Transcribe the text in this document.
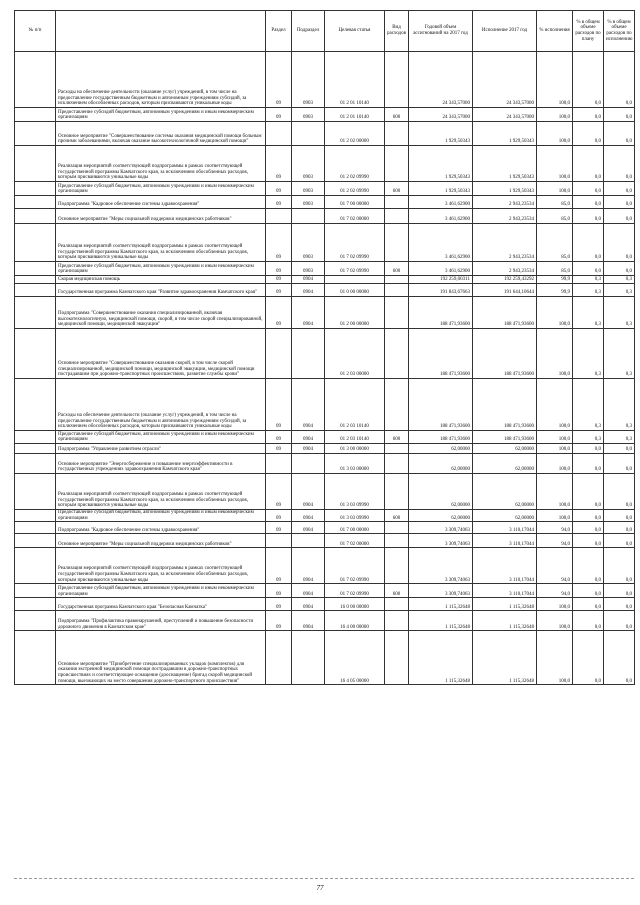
№ п/п		Раздел	Подраздел	Целевая статья	Вид расходов	Годовой объем ассигнований на 2017 год	Исполнение 2017 год	% исполнения	% в общем объеме расходов по плану	% в общем объеме расходов по исполнению
	Расходы на обеспечение деятельности (оказание услуг) учреждений, в том числе на предоставление государственным бюджетным и автономным учреждениям субсидий, за исключением обособленных расходов, которым присваиваются уникальные коды	09	0903	01 2 01 10140		24 343,57000	24 343,57000	100,0	0,0	0,0
	Предоставление субсидий бюджетным, автономным учреждениям и иным некоммерческим организациям	09	0903	01 2 01 10140	600	24 343,57000	24 343,57000	100,0	0,0	0,0
	Основное мероприятие "Совершенствование системы оказания медицинской помощи больным прочими заболеваниями, включая оказание высокотехнологичной медицинской помощи"			01 2 02 00000		1 929,50343	1 929,50343	100,0	0,0	0,0
	Реализация мероприятий соответствующей подпрограммы в рамках соответствующей государственной программы Камчатского края, за исключением обособленных расходов, которым присваиваются уникальные коды	09	0903	01 2 02 09990		1 929,50343	1 929,50343	100,0	0,0	0,0
	Предоставление субсидий бюджетным, автономным учреждениям и иным некоммерческим организациям	09	0903	01 2 02 09990	600	1 929,50343	1 929,50343	100,0	0,0	0,0
	Подпрограмма "Кадровое обеспечение системы здравоохранения"	09	0903	01 7 00 00000		3 461,62900	2 943,23534	85,0	0,0	0,0
	Основное мероприятие "Меры социальной поддержки медицинских работников"			01 7 02 00000		3 461,62900	2 943,23534	85,0	0,0	0,0
	Реализация мероприятий соответствующей подпрограммы в рамках соответствующей государственной программы Камчатского края, за исключением обособленных расходов, которым присваиваются уникальные коды	09	0903	01 7 02 09990		3 461,62900	2 943,23534	85,0	0,0	0,0
	Предоставление субсидий бюджетным, автономным учреждениям и иным некоммерческим организациям	09	0903	01 7 02 09990	600	3 461,62900	2 943,23534	85,0	0,0	0,0
	Скорая медицинская помощь	09	0904			192 259,00311	192 259,43292	99,9	0,3	0,3
	Государственная программа Камчатского края "Развитие здравоохранения Камчатского края"	09	0904	01 0 00 00000		191 843,67663	191 644,10644	99,9	0,3	0,3
	Подпрограмма "Совершенствование оказания специализированной, включая высокотехнологичную, медицинской помощи, скорой, в том числе скорой специализированной, медицинской помощи, медицинской эвакуации"	09	0904	01 2 00 00000		188 471,93600	188 471,93600	100,0	0,3	0,3
	Основное мероприятие "Совершенствование оказания скорой, в том числе скорой специализированной, медицинской помощи, медицинской эвакуации, медицинской помощи пострадавшим при дорожно-транспортных происшествиях, развитие службы крови"			01 2 03 00000		188 471,93600	188 471,93600	100,0	0,3	0,3
	Расходы на обеспечение деятельности (оказание услуг) учреждений, в том числе на предоставление государственным бюджетным и автономным учреждениям субсидий, за исключением обособленных расходов, которым присваиваются уникальные коды	09	0904	01 2 03 10140		188 471,93600	188 471,93600	100,0	0,3	0,3
	Предоставление субсидий бюджетным, автономным учреждениям и иным некоммерческим организациям	09	0904	01 2 03 10140	600	188 471,93600	188 471,93600	100,0	0,3	0,3
	Подпрограмма "Управление развитием отрасли"	09	0904	01 3 00 00000		62,00000	62,00000	100,0	0,0	0,0
	Основное мероприятие "Энергосбережение и повышение энергоэффективности в государственных учреждениях здравоохранения Камчатского края"			01 3 03 00000		62,00000	62,00000	100,0	0,0	0,0
	Реализация мероприятий соответствующей подпрограммы в рамках соответствующей государственной программы Камчатского края, за исключением обособленных расходов, которым присваиваются уникальные коды	09	0904	01 3 03 09990		62,00000	62,00000	100,0	0,0	0,0
	Предоставление субсидий бюджетным, автономным учреждениям и иным некоммерческим организациям	09	0904	01 3 03 09990	600	62,00000	62,00000	100,0	0,0	0,0
	Подпрограмма "Кадровое обеспечение системы здравоохранения"	09	0904	01 7 00 00000		3 309,74063	3 110,17044	94,0	0,0	0,0
	Основное мероприятие "Меры социальной поддержки медицинских работников"			01 7 02 00000		3 309,74063	3 110,17044	94,0	0,0	0,0
	Реализация мероприятий соответствующей подпрограммы в рамках соответствующей государственной программы Камчатского края, за исключением обособленных расходов, которым присваиваются уникальные коды	09	0904	01 7 02 09990		3 309,74063	3 110,17044	94,0	0,0	0,0
	Предоставление субсидий бюджетным, автономным учреждениям и иным некоммерческим организациям	09	0904	01 7 02 09990	600	3 309,74063	3 110,17044	94,0	0,0	0,0
	Государственная программа Камчатского края "Безопасная Камчатка"	09	0904	16 0 00 00000		1 115,32648	1 115,32648	100,0	0,0	0,0
	Подпрограмма "Профилактика правонарушений, преступлений и повышение безопасности дорожного движения в Камчатском крае"	09	0904	16 4 00 00000		1 115,32648	1 115,32648	100,0	0,0	0,0
	Основное мероприятие "Приобретение специализированных укладок (комплектов) для оказания экстренной медицинской помощи пострадавшим в дорожно-транспортных происшествиях и соответствующее оснащение (дооснащение) бригад скорой медицинской помощи, выезжающих на место совершения дорожно-транспортного происшествия"			16 4 05 00000		1 115,32648	1 115,32648	100,0	0,0	0,0
77
